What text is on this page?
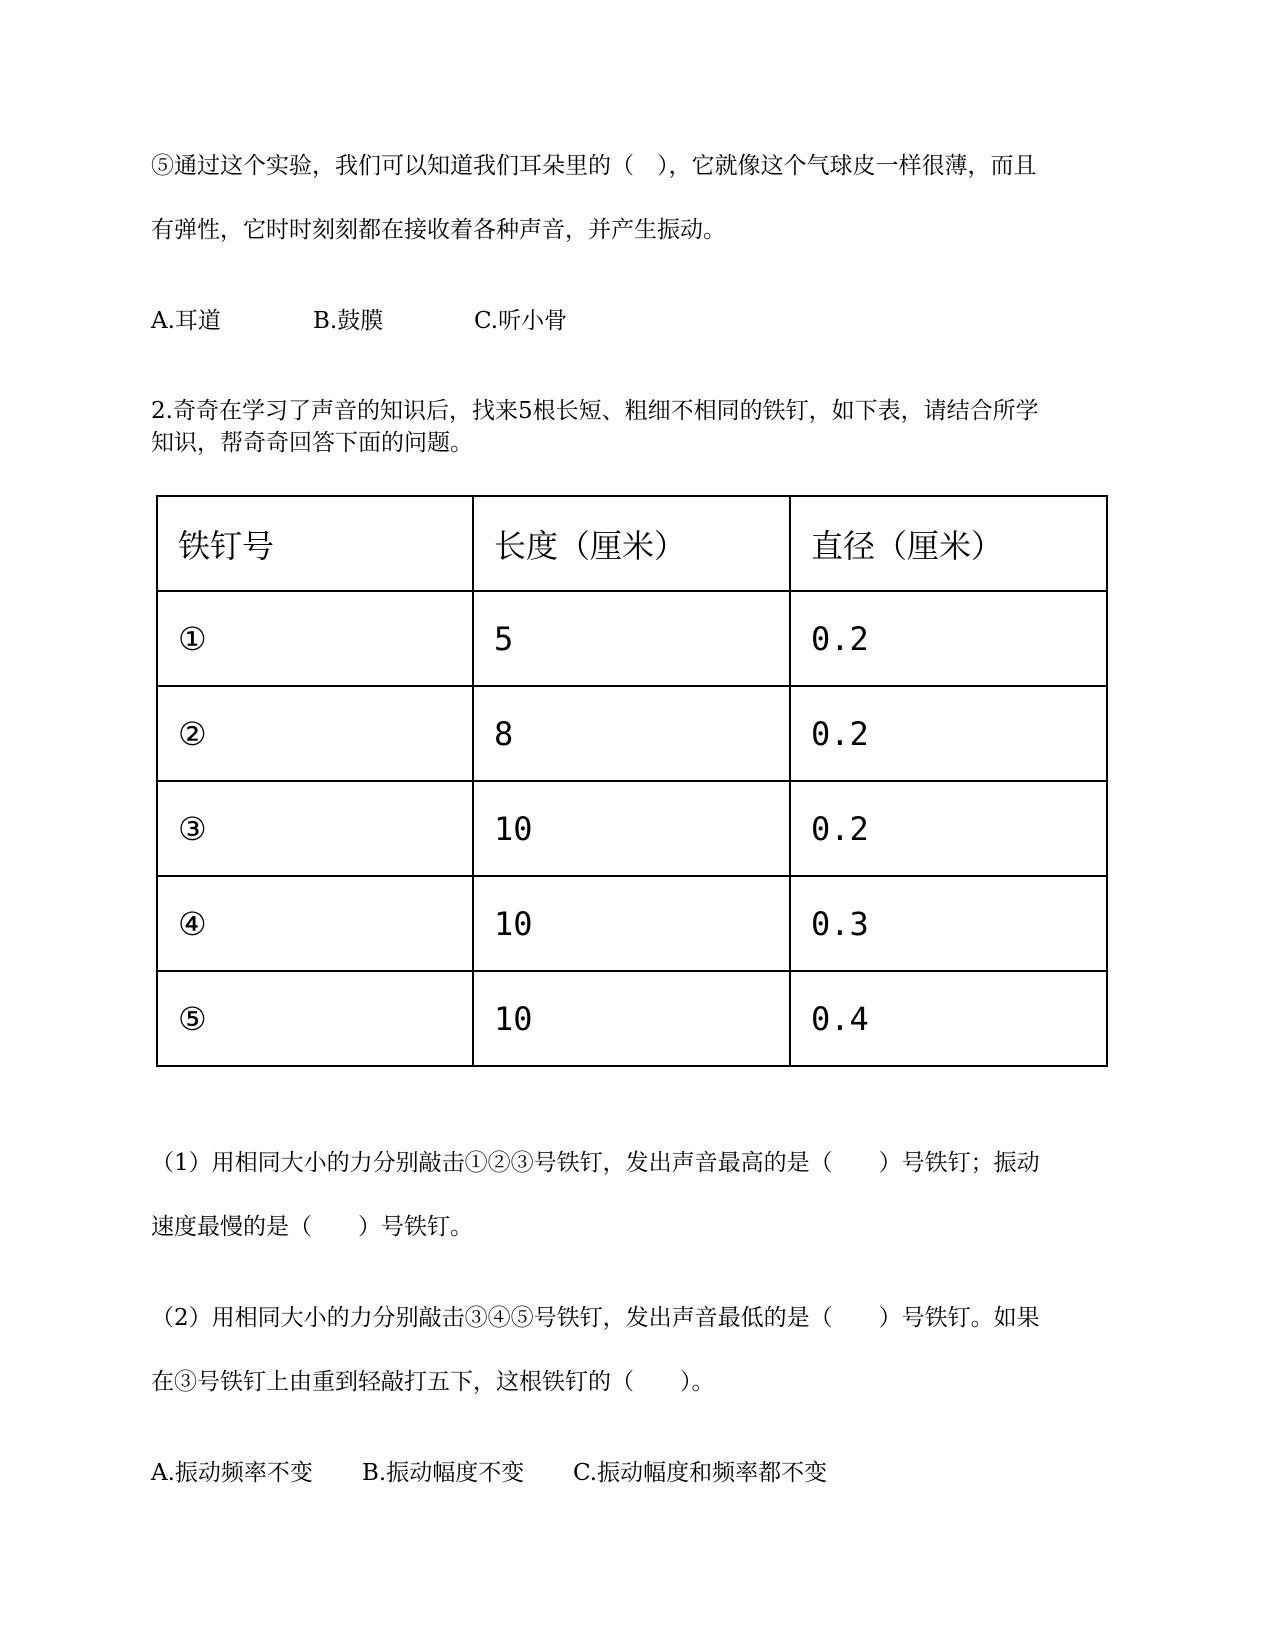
⑤通过这个实验，我们可以知道我们耳朵里的（　），它就像这个气球皮一样很薄，而且
有弹性，它时时刻刻都在接收着各种声音，并产生振动。
A.耳道	B.鼓膜	C.听小骨
2.奇奇在学习了声音的知识后，找来5根长短、粗细不相同的铁钉，如下表，请结合所学
知识，帮奇奇回答下面的问题。
铁钉号	长度（厘米）	直径（厘米）
①	5	0.2
②	8	0.2
③	10	0.2
④	10	0.3
⑤	10	0.4
（1）用相同大小的力分别敲击①②③号铁钉，发出声音最高的是（　　）号铁钉；振动
速度最慢的是（　　）号铁钉。
（2）用相同大小的力分别敲击③④⑤号铁钉，发出声音最低的是（　　）号铁钉。如果
在③号铁钉上由重到轻敲打五下，这根铁钉的（　　）。
A.振动频率不变 B.振动幅度不变 C.振动幅度和频率都不变
